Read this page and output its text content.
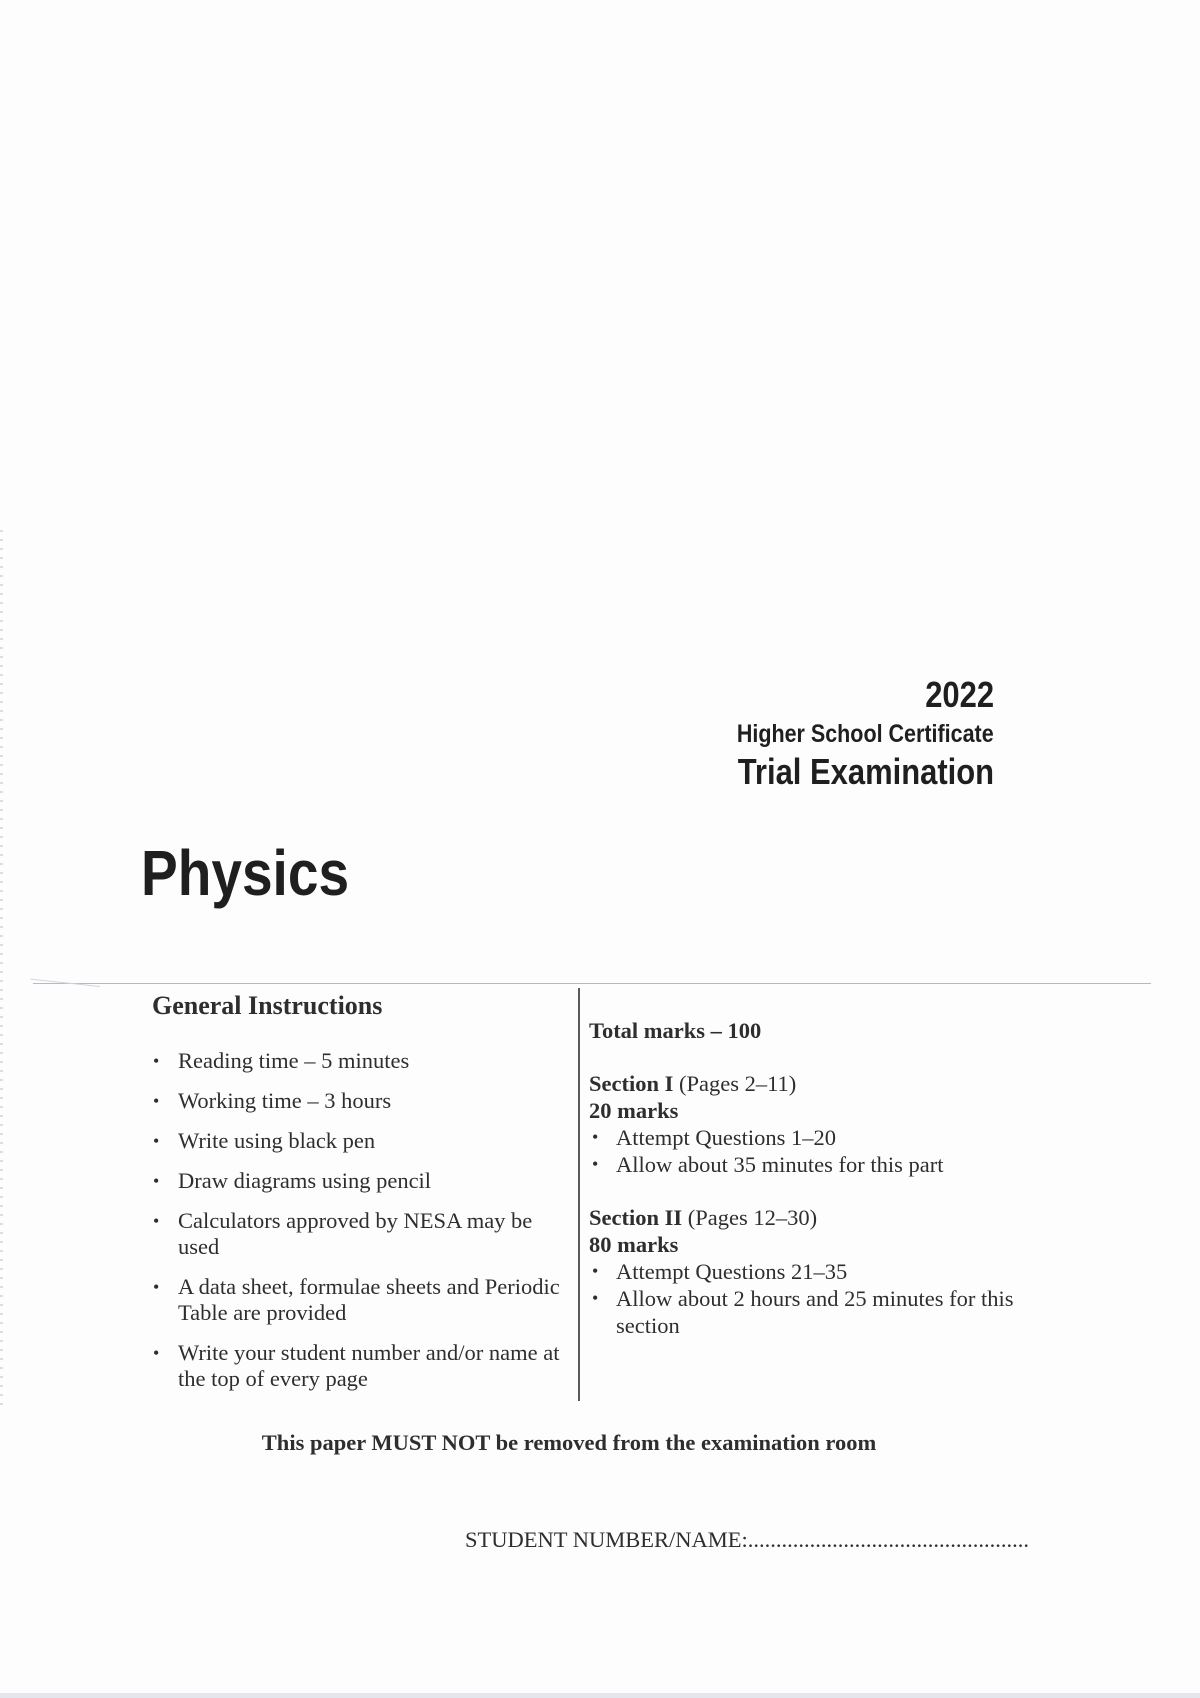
2022
Higher School Certificate
Trial Examination
Physics
General Instructions
• Reading time – 5 minutes
• Working time – 3 hours
• Write using black pen
• Draw diagrams using pencil
• Calculators approved by NESA may be used
• A data sheet, formulae sheets and Periodic Table are provided
• Write your student number and/or name at the top of every page
Total marks – 100
Section I (Pages 2–11)
20 marks
• Attempt Questions 1–20
• Allow about 35 minutes for this part
Section II (Pages 12–30)
80 marks
• Attempt Questions 21–35
• Allow about 2 hours and 25 minutes for this section
This paper MUST NOT be removed from the examination room
STUDENT NUMBER/NAME:..................................................
